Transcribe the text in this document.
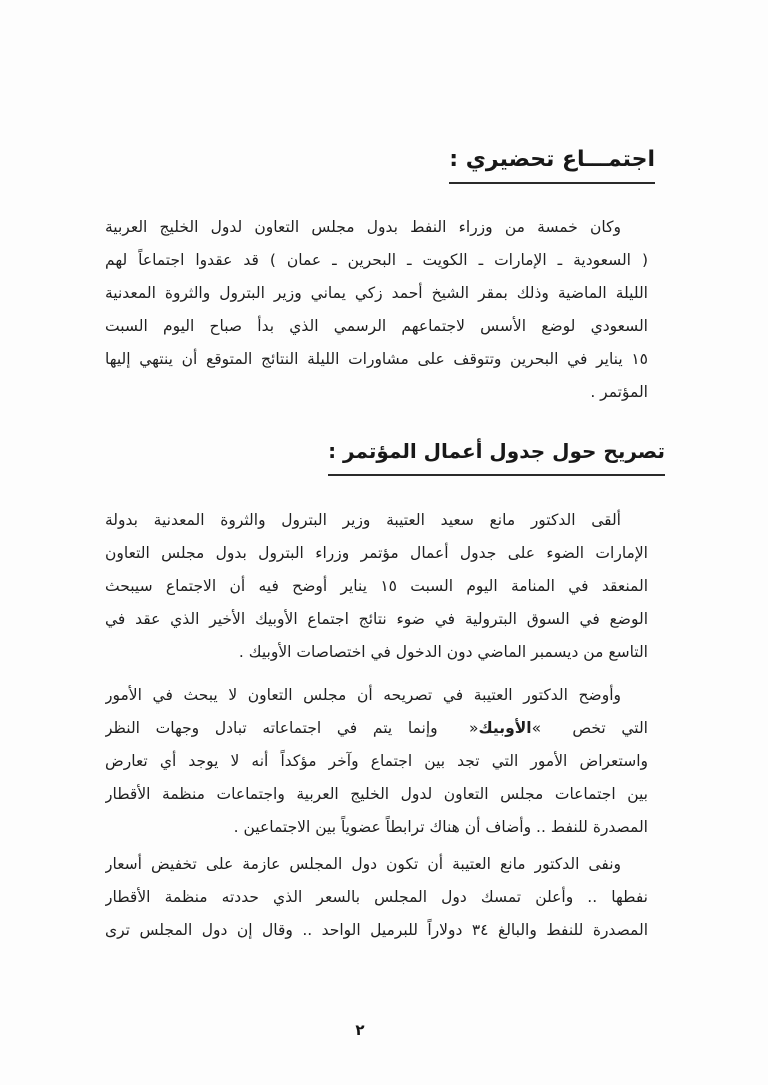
اجتمـــاع تحضيري :
وكان خمسة من وزراء النفط بدول مجلس التعاون لدول الخليج العربية
( السعودية ـ الإمارات ـ الكويت ـ البحرين ـ عمان ) قد عقدوا اجتماعاً لهم
الليلة الماضية وذلك بمقر الشيخ أحمد زكي يماني وزير البترول والثروة المعدنية
السعودي لوضع الأسس لاجتماعهم الرسمي الذي بدأ صباح اليوم السبت
١٥ يناير في البحرين وتتوقف على مشاورات الليلة النتائج المتوقع أن ينتهي إليها
المؤتمر .
تصريح حول جدول أعمال المؤتمر :
ألقى الدكتور مانع سعيد العتيبة وزير البترول والثروة المعدنية بدولة
الإمارات الضوء على جدول أعمال مؤتمر وزراء البترول بدول مجلس التعاون
المنعقد في المنامة اليوم السبت ١٥ يناير أوضح فيه أن الاجتماع سيبحث
الوضع في السوق البترولية في ضوء نتائج اجتماع الأوبيك الأخير الذي عقد في
التاسع من ديسمبر الماضي دون الدخول في اختصاصات الأوبيك .
وأوضح الدكتور العتيبة في تصريحه أن مجلس التعاون لا يبحث في الأمور
التي تخص « الأوبيك » وإنما يتم في اجتماعاته تبادل وجهات النظر
واستعراض الأمور التي تجد بين اجتماع وآخر مؤكداً أنه لا يوجد أي تعارض
بين اجتماعات مجلس التعاون لدول الخليج العربية واجتماعات منظمة الأقطار
المصدرة للنفط .. وأضاف أن هناك ترابطاً عضوياً بين الاجتماعين .
ونفى الدكتور مانع العتيبة أن تكون دول المجلس عازمة على تخفيض أسعار
نفطها .. وأعلن تمسك دول المجلس بالسعر الذي حددته منظمة الأقطار
المصدرة للنفط والبالغ ٣٤ دولاراً للبرميل الواحد .. وقال إن دول المجلس ترى
٢
